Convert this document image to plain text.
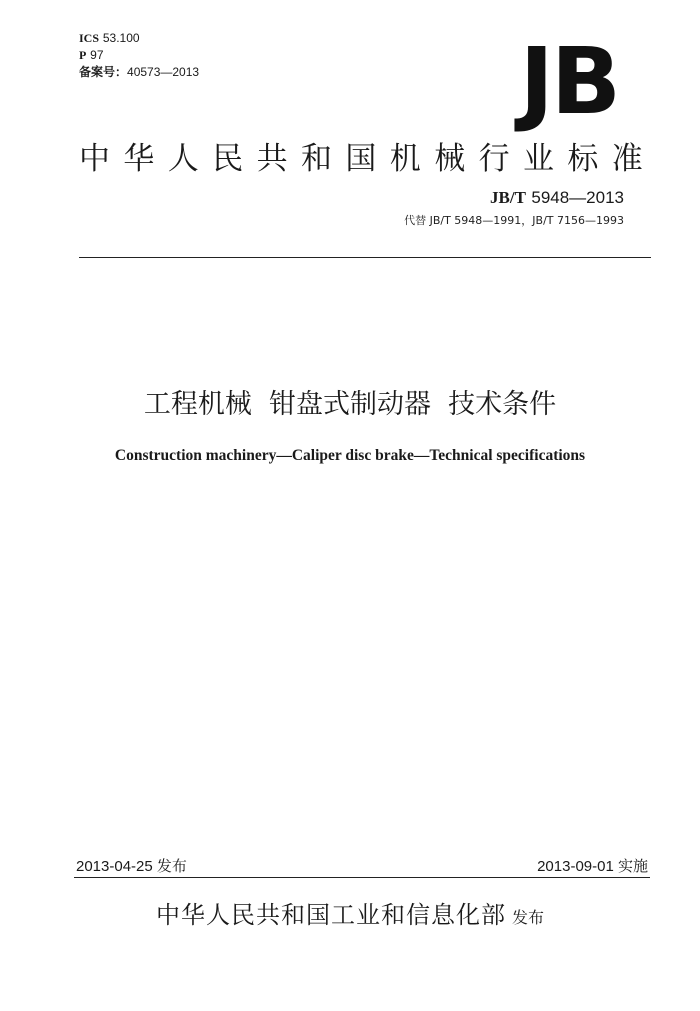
ICS 53.100
P 97
备案号：40573—2013	JB
中华人民共和国机械行业标准
JB/T 5948—2013
代替 JB/T 5948—1991，JB/T 7156—1993
工程机械  钳盘式制动器  技术条件
Construction machinery—Caliper disc brake—Technical specifications
2013-04-25 发布	2013-09-01 实施
中华人民共和国工业和信息化部 发布
